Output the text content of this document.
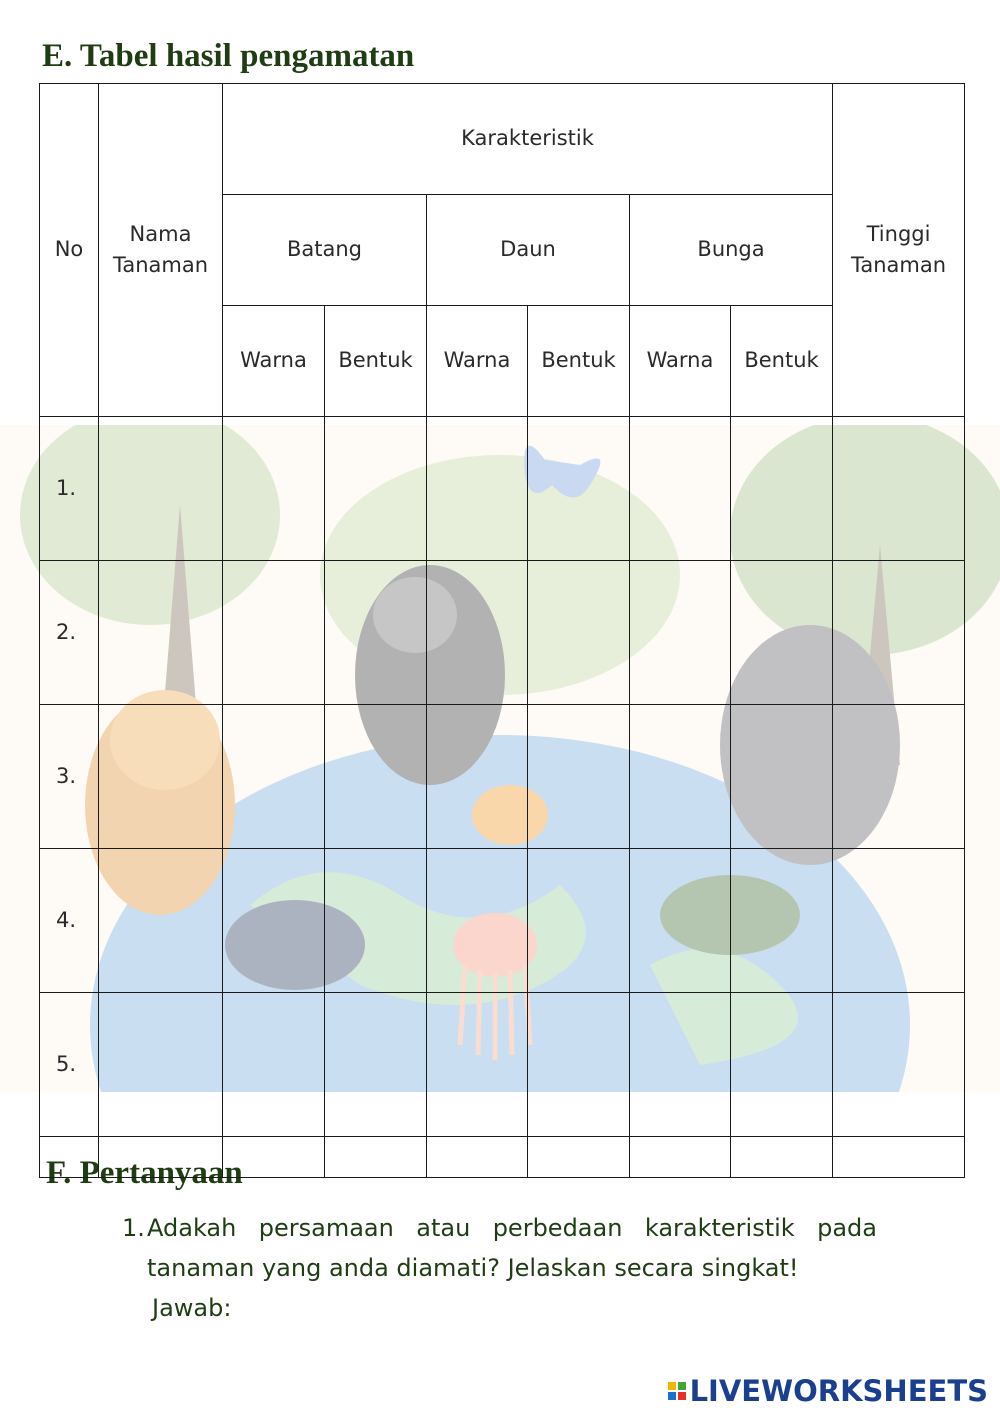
E. Tabel hasil pengamatan
No	Nama Tanaman	Karakteristik						Tinggi Tanaman
		Batang		Daun		Bunga		
		Warna	Bentuk	Warna	Bentuk	Warna	Bentuk	
1.								
2.								
3.								
4.								
5.								

F. Pertanyaan
1. Adakah persamaan atau perbedaan karakteristik pada tanaman yang anda diamati? Jelaskan secara singkat!
Jawab:
LIVEWORKSHEETS
